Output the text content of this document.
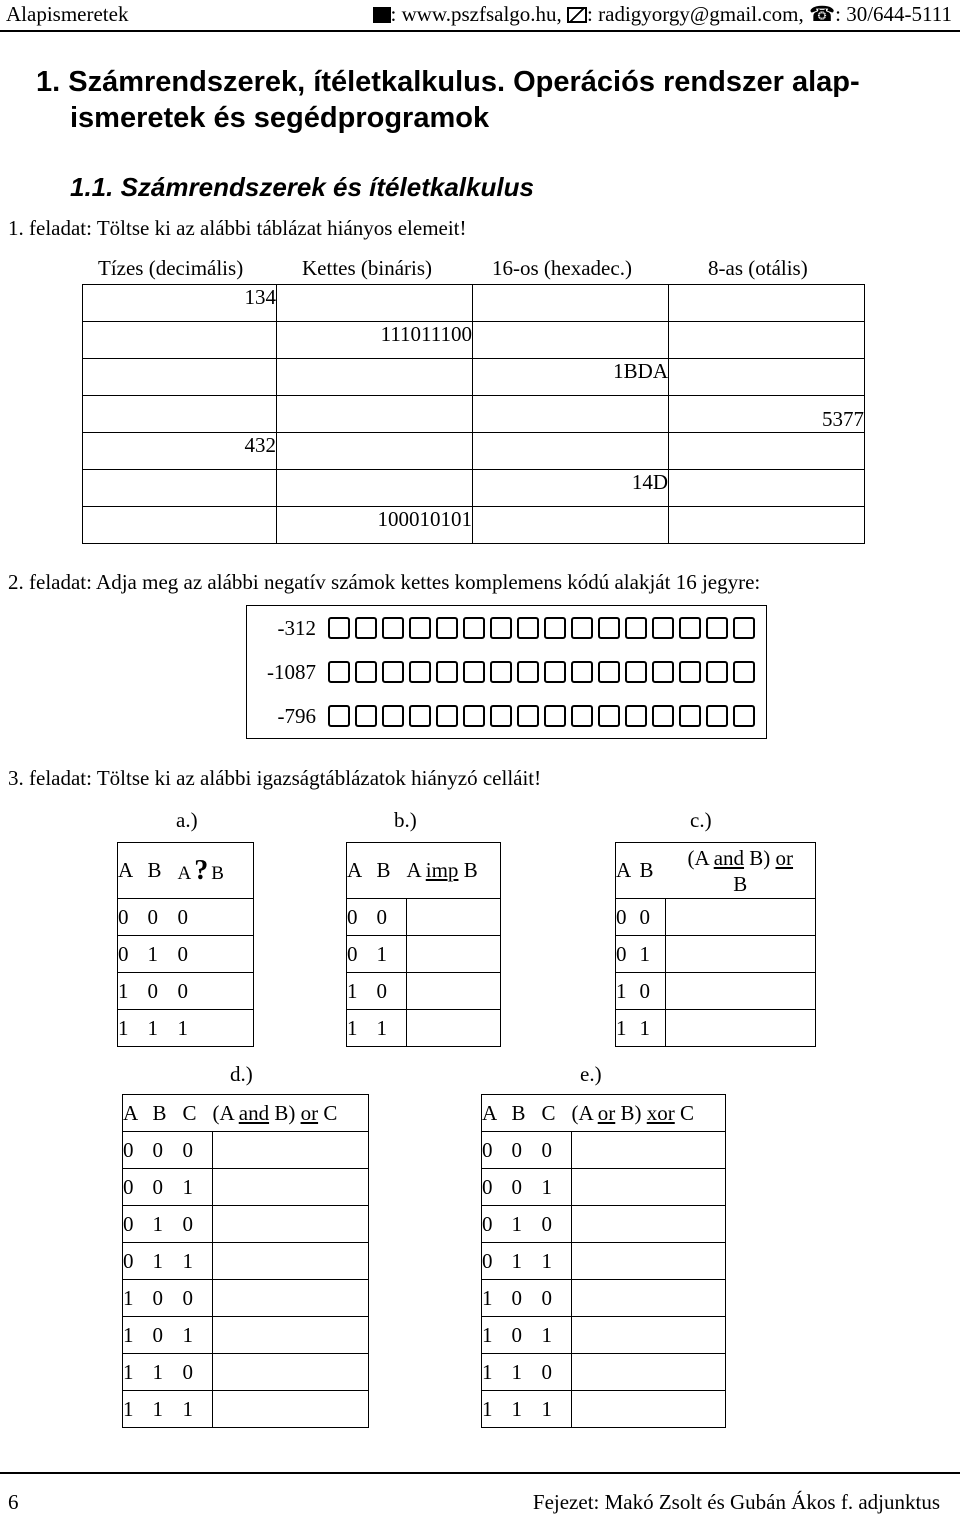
Alapismeretek	: www.pszfsalgo.hu, : radigyorgy@gmail.com, ☎: 30/644-5111
1. Számrendszerek, ítéletkalkulus. Operációs rendszer alap-
ismeretek és segédprogramok
1.1. Számrendszerek és ítéletkalkulus
1. feladat: Töltse ki az alábbi táblázat hiányos elemeit!
Tízes (decimális)	Kettes (bináris)	16-os (hexadec.)	8-as (otális)
134			
	111011100		
		1BDA	
			5377
432			
		14D	
	100010101		
2. feladat: Adja meg az alábbi negatív számok kettes komplemens kódú alakját 16 jegyre:
-312	
-1087	
-796	
3. feladat: Töltse ki az alábbi igazságtáblázatok hiányzó celláit!
a.)	b.)	c.)
A	B	A ? B
0	0	0
0	1	0
1	0	0
1	1	1
A	B	A imp B
0	0	
0	1	
1	0	
1	1	
A	B	(A and B) or
B
0	0	
0	1	
1	0	
1	1	
d.)	e.)
A	B	C	(A and B) or C
0	0	0	
0	0	1	
0	1	0	
0	1	1	
1	0	0	
1	0	1	
1	1	0	
1	1	1	
A	B	C	(A or B) xor C
0	0	0	
0	0	1	
0	1	0	
0	1	1	
1	0	0	
1	0	1	
1	1	0	
1	1	1	
6	Fejezet: Makó Zsolt és Gubán Ákos f. adjunktus
